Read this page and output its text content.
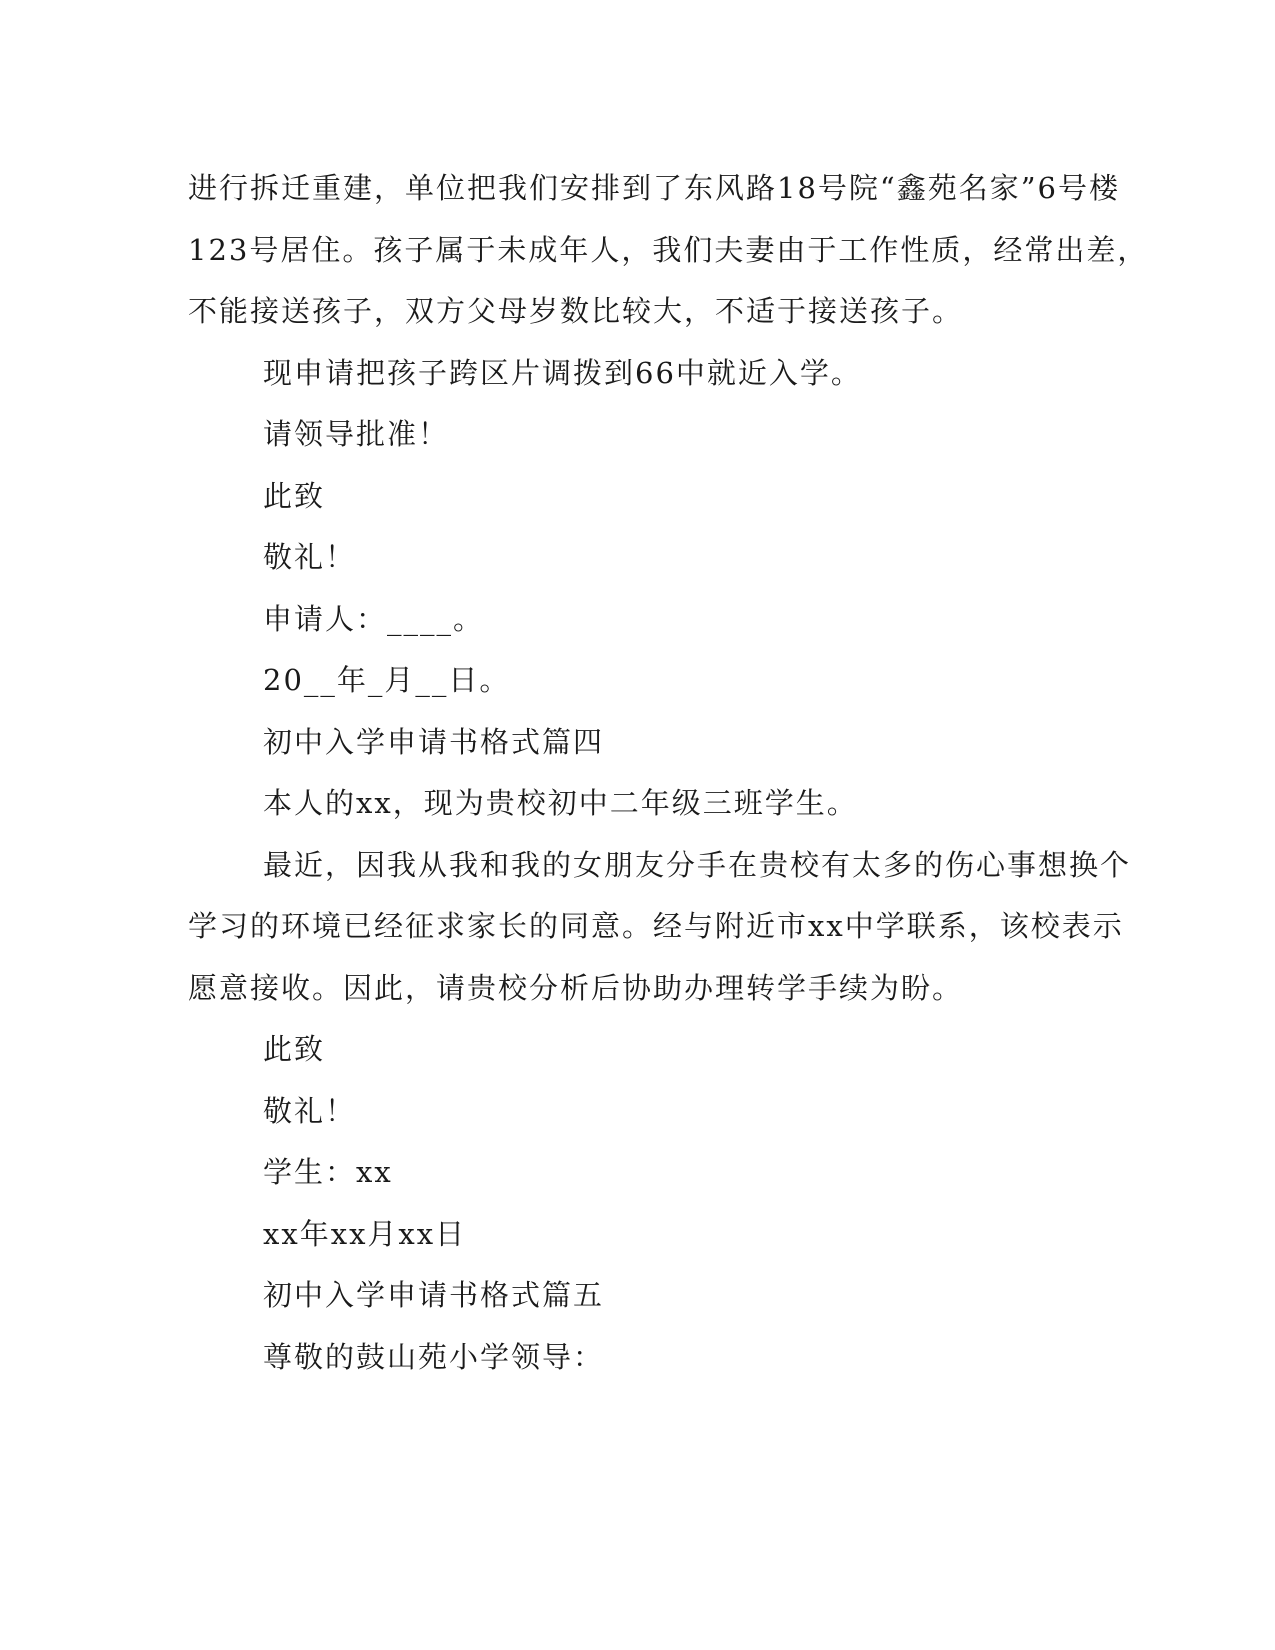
进行拆迁重建，单位把我们安排到了东风路18号院“鑫苑名家”6号楼

123号居住。孩子属于未成年人，我们夫妻由于工作性质，经常出差，

不能接送孩子，双方父母岁数比较大，不适于接送孩子。

现申请把孩子跨区片调拨到66中就近入学。

请领导批准！

此致

敬礼！

申请人：____。

20__年_月__日。

初中入学申请书格式篇四

本人的xx，现为贵校初中二年级三班学生。

最近，因我从我和我的女朋友分手在贵校有太多的伤心事想换个

学习的环境已经征求家长的同意。经与附近市xx中学联系，该校表示

愿意接收。因此，请贵校分析后协助办理转学手续为盼。

此致

敬礼！

学生：xx

xx年xx月xx日

初中入学申请书格式篇五

尊敬的鼓山苑小学领导：
